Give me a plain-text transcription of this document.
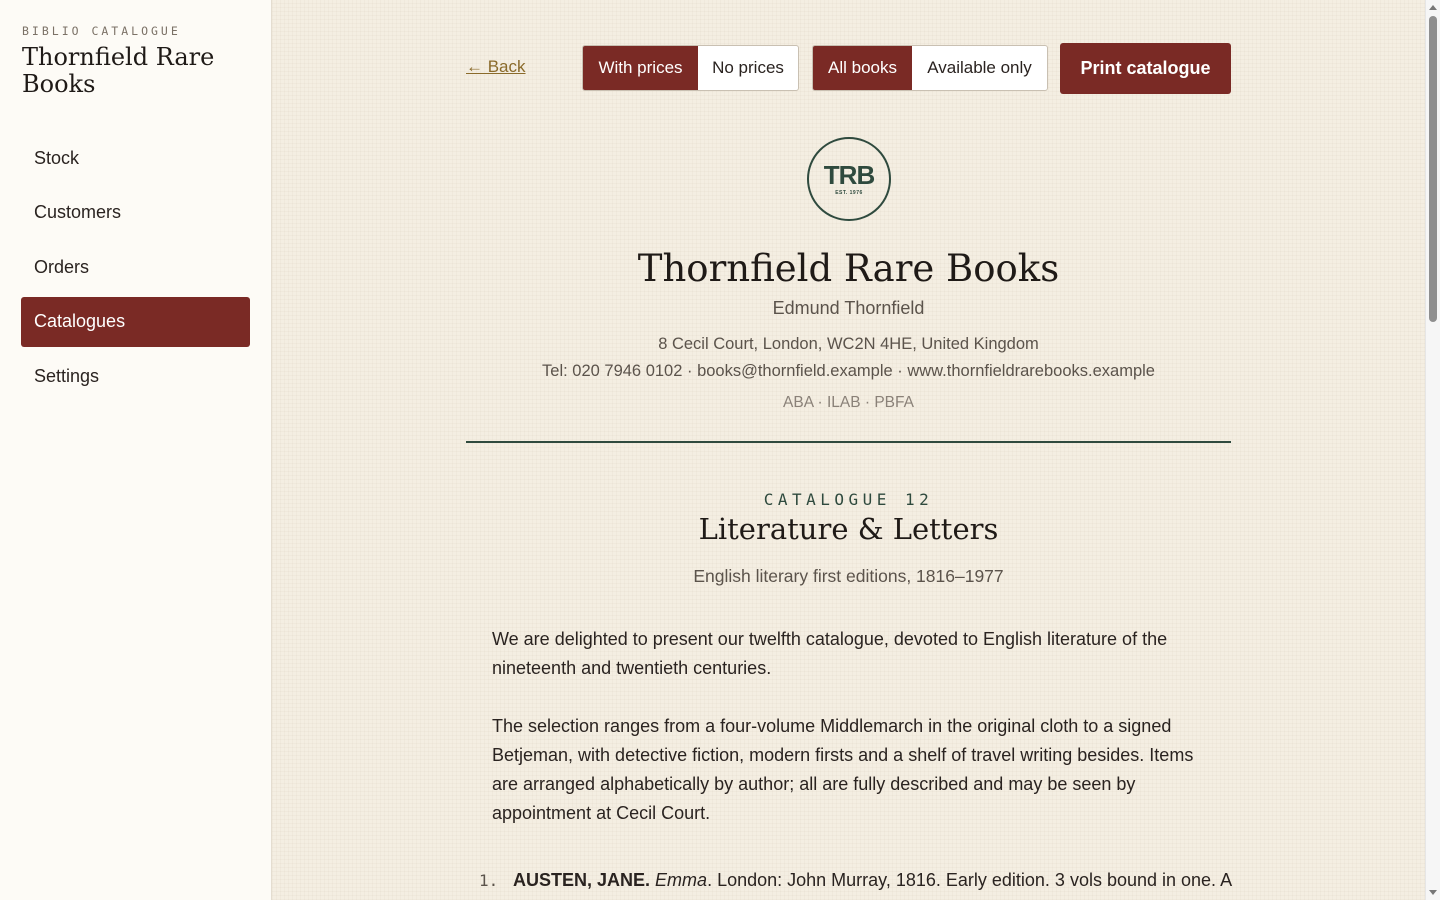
BIBLIO CATALOGUE
Thornfield Rare Books
Stock
Customers
Orders
Catalogues
Settings
← Back	With prices	No prices	All books	Available only	Print catalogue
TRB
EST. 1976
Thornfield Rare Books
Edmund Thornfield
8 Cecil Court, London, WC2N 4HE, United Kingdom
Tel: 020 7946 0102 · books@thornfield.example · www.thornfieldrarebooks.example
ABA · ILAB · PBFA
CATALOGUE 12
Literature & Letters
English literary first editions, 1816–1977

We are delighted to present our twelfth catalogue, devoted to English literature of the nineteenth and twentieth centuries.

The selection ranges from a four-volume Middlemarch in the original cloth to a signed Betjeman, with detective fiction, modern firsts and a shelf of travel writing besides. Items are arranged alphabetically by author; all are fully described and may be seen by appointment at Cecil Court.

1. AUSTEN, JANE. Emma. London: John Murray, 1816. Early edition. 3 vols bound in one. A
